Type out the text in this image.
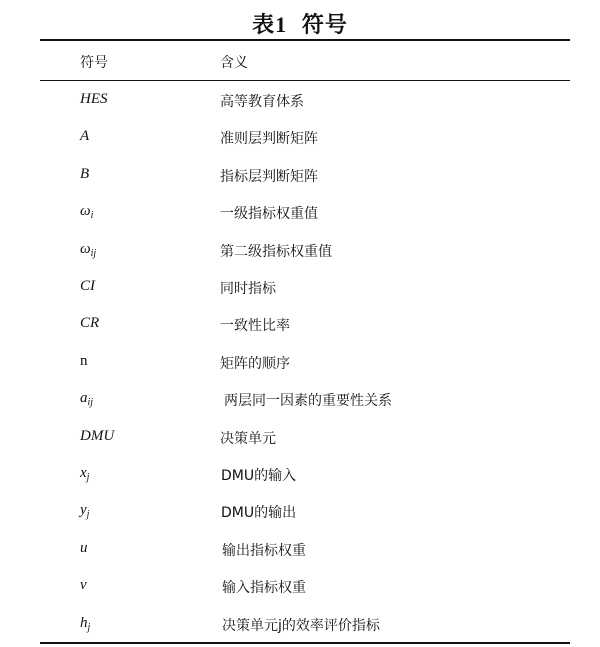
表1 符号
符号	含义
HES	高等教育体系
A	准则层判断矩阵
B	指标层判断矩阵
$\omega_i$	一级指标权重值
$\omega_{ij}$	第二级指标权重值
CI	同时指标
CR	一致性比率
n	矩阵的顺序
$a_{ij}$	两层同一因素的重要性关系
DMU	决策单元
$x_j$	DMU的输入
$y_j$	DMU的输出
u	输出指标权重
v	输入指标权重
$h_j$	决策单元j的效率评价指标
